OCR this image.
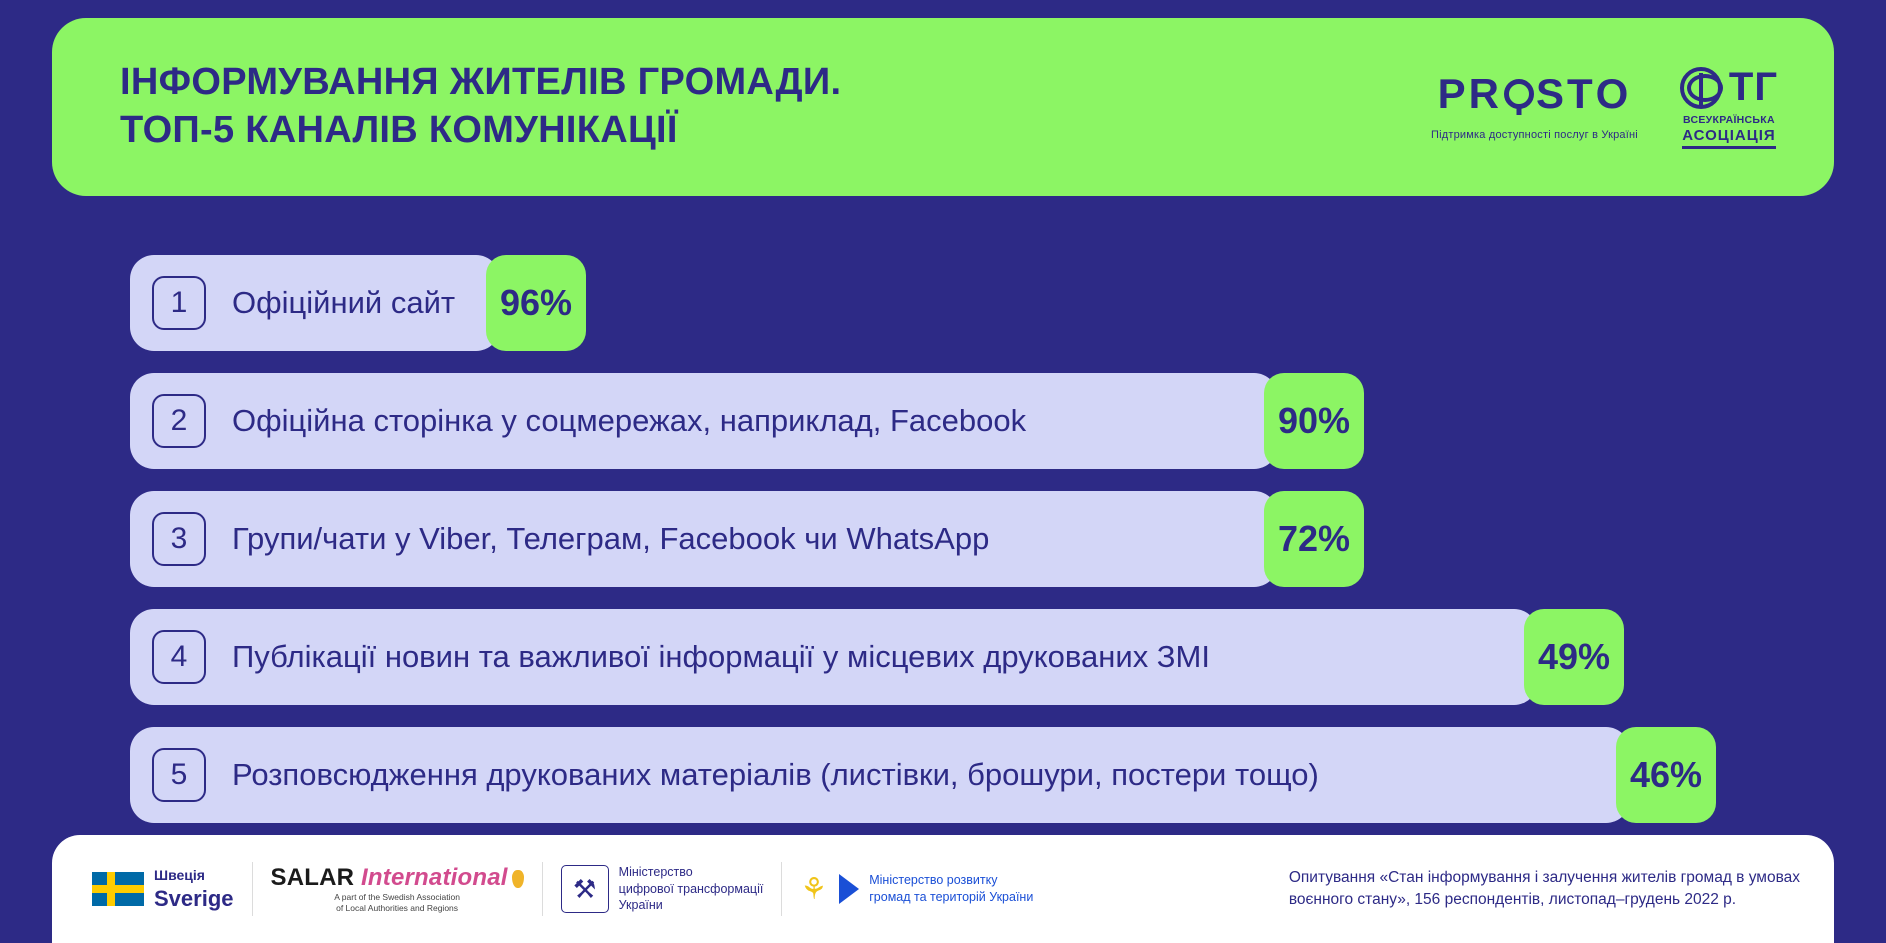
ІНФОРМУВАННЯ ЖИТЕЛІВ ГРОМАДИ.
ТОП-5 КАНАЛІВ КОМУНІКАЦІЇ
PR ST O
Підтримка доступності послуг в Україні
ТГ
ВСЕУКРАЇНСЬКА
АСОЦІАЦІЯ
1	Офіційний сайт	96%
2	Офіційна сторінка у соцмережах, наприклад, Facebook	90%
3	Групи/чати у Viber, Телеграм, Facebook чи WhatsApp	72%
4	Публікації новин та важливої інформації у місцевих друкованих ЗМІ	49%
5	Розповсюдження друкованих матеріалів (листівки, брошури, постери тощо)	46%
Швеція
Sverige
SALAR International
A part of the Swedish Association
of Local Authorities and Regions
⚒
Міністерство
цифрової трансформації
України	⚘	Міністерство розвитку
громад та територій України
Опитування «Стан інформування і залучення жителів громад в умовах
воєнного стану», 156 респондентів, листопад–грудень 2022 р.
